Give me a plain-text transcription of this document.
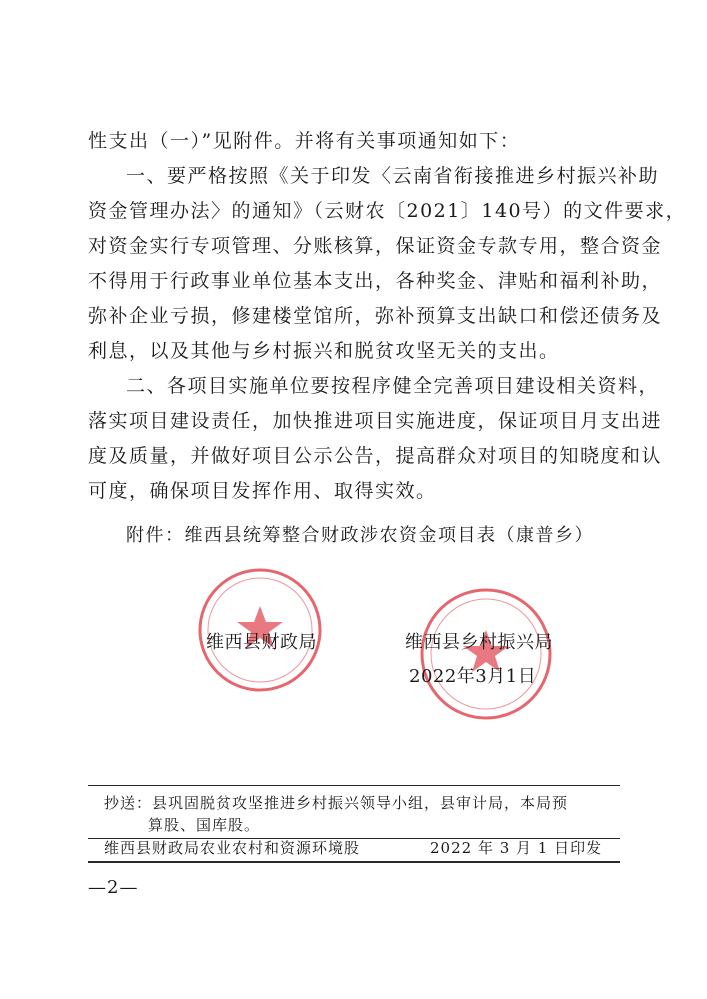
性支出（一）”见附件。并将有关事项通知如下：
一、要严格按照《关于印发〈云南省衔接推进乡村振兴补助
资金管理办法〉的通知》（云财农〔2021〕140号）的文件要求，
对资金实行专项管理、分账核算，保证资金专款专用，整合资金
不得用于行政事业单位基本支出，各种奖金、津贴和福利补助，
弥补企业亏损，修建楼堂馆所，弥补预算支出缺口和偿还债务及
利息，以及其他与乡村振兴和脱贫攻坚无关的支出。
二、各项目实施单位要按程序健全完善项目建设相关资料，
落实项目建设责任，加快推进项目实施进度，保证项目月支出进
度及质量，并做好项目公示公告，提高群众对项目的知晓度和认
可度，确保项目发挥作用、取得实效。
附件：维西县统筹整合财政涉农资金项目表（康普乡）
维西县财政局	维西县乡村振兴局
2022年3月1日
抄送：县巩固脱贫攻坚推进乡村振兴领导小组，县审计局，本局预
算股、国库股。
维西县财政局农业农村和资源环境股	2022 年 3 月 1 日印发
—2—
